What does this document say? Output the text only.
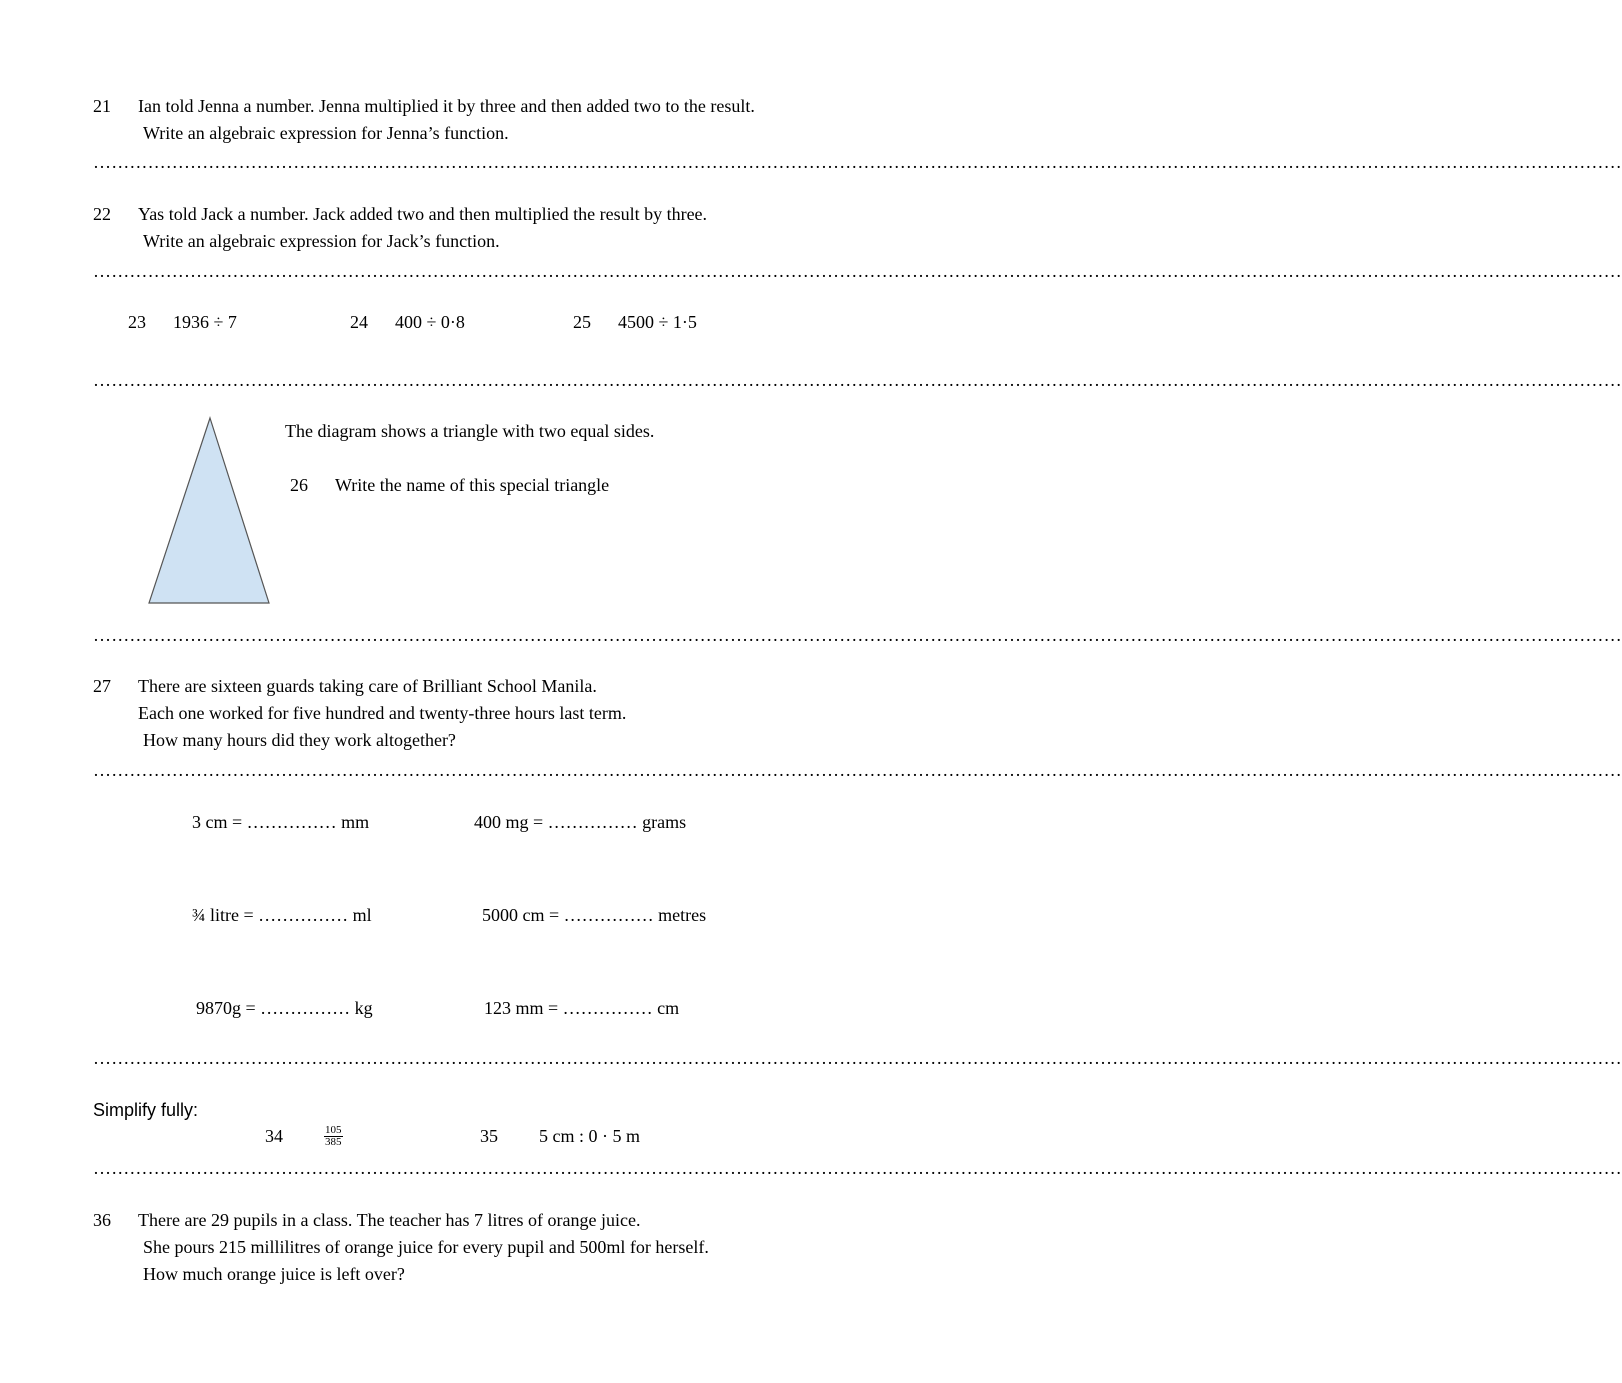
21 Ian told Jenna a number. Jenna multiplied it by three and then added two to the result.
Write an algebraic expression for Jenna’s function.
………………………………………………………………………………………………………………………………………………………………………………………………………………………………
22 Yas told Jack a number. Jack added two and then multiplied the result by three.
Write an algebraic expression for Jack’s function.
………………………………………………………………………………………………………………………………………………………………………………………………………………………………
23 1936 ÷ 7	24 400 ÷ 0·8	25 4500 ÷ 1·5
………………………………………………………………………………………………………………………………………………………………………………………………………………………………
The diagram shows a triangle with two equal sides.
26 Write the name of this special triangle
………………………………………………………………………………………………………………………………………………………………………………………………………………………………
27 There are sixteen guards taking care of Brilliant School Manila.
Each one worked for five hundred and twenty-three hours last term.
How many hours did they work altogether?
………………………………………………………………………………………………………………………………………………………………………………………………………………………………
3 cm = …………… mm	400 mg = …………… grams
¾ litre = …………… ml	5000 cm = …………… metres
9870g = …………… kg	123 mm = …………… cm
………………………………………………………………………………………………………………………………………………………………………………………………………………………………
Simplify fully:
34	$\frac{105}{385}$	35 5 cm : 0 · 5 m
………………………………………………………………………………………………………………………………………………………………………………………………………………………………
36 There are 29 pupils in a class. The teacher has 7 litres of orange juice.
She pours 215 millilitres of orange juice for every pupil and 500ml for herself.
How much orange juice is left over?
